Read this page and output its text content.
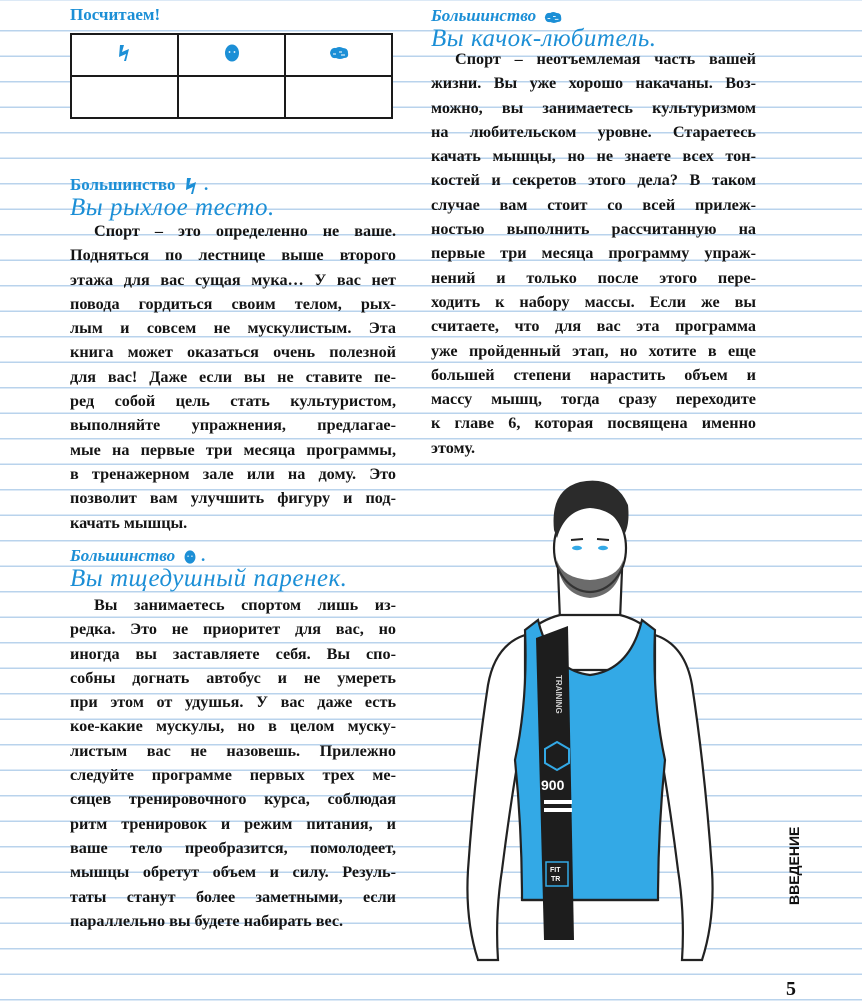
Посчитаем!

Большинство .
Вы рыхлое тесто.
Спорт – это определенно не ваше.
Подняться по лестнице выше второго
этажа для вас сущая мука… У вас нет
повода гордиться своим телом, рых-
лым и совсем не мускулистым. Эта
книга может оказаться очень полезной
для вас! Даже если вы не ставите пе-
ред собой цель стать культуристом,
выполняйте упражнения, предлагае-
мые на первые три месяца программы,
в тренажерном зале или на дому. Это
позволит вам улучшить фигуру и под-
качать мышцы.
Большинство .
Вы тщедушный паренек.
Вы занимаетесь спортом лишь из-
редка. Это не приоритет для вас, но
иногда вы заставляете себя. Вы спо-
собны догнать автобус и не умереть
при этом от удушья. У вас даже есть
кое-какие мускулы, но в целом муску-
листым вас не назовешь. Прилежно
следуйте программе первых трех ме-
сяцев тренировочного курса, соблюдая
ритм тренировок и режим питания, и
ваше тело преобразится, помолодеет,
мышцы обретут объем и силу. Резуль-
таты станут более заметными, если
параллельно вы будете набирать вес.
Большинство
Вы качок-любитель.
Спорт – неотъемлемая часть вашей
жизни. Вы уже хорошо накачаны. Воз-
можно, вы занимаетесь культуризмом
на любительском уровне. Стараетесь
качать мышцы, но не знаете всех тон-
костей и секретов этого дела? В таком
случае вам стоит со всей прилеж-
ностью выполнить рассчитанную на
первые три месяца программу упраж-
нений и только после этого пере-
ходить к набору массы. Если же вы
считаете, что для вас эта программа
уже пройденный этап, но хотите в еще
большей степени нарастить объем и
массу мышц, тогда сразу переходите
к главе 6, которая посвящена именно
этому.
TRAINING
900
FIT
TR	ВВЕДЕНИЕ
5
